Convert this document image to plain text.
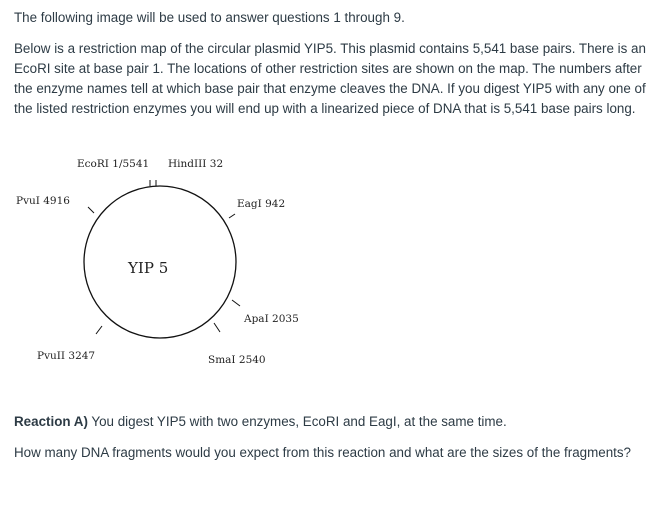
The following image will be used to answer questions 1 through 9.

Below is a restriction map of the circular plasmid YIP5. This plasmid contains 5,541 base pairs. There is an EcoRI site at base pair 1. The locations of other restriction sites are shown on the map. The numbers after the enzyme names tell at which base pair that enzyme cleaves the DNA. If you digest YIP5 with any one of the listed restriction enzymes you will end up with a linearized piece of DNA that is 5,541 base pairs long.

EcoRI 1/5541 HindIII 32
EagI 942
ApaI 2035
SmaI 2540
PvuII 3247
PvuI 4916
YIP 5

Reaction A) You digest YIP5 with two enzymes, EcoRI and EagI, at the same time.

How many DNA fragments would you expect from this reaction and what are the sizes of the fragments?
